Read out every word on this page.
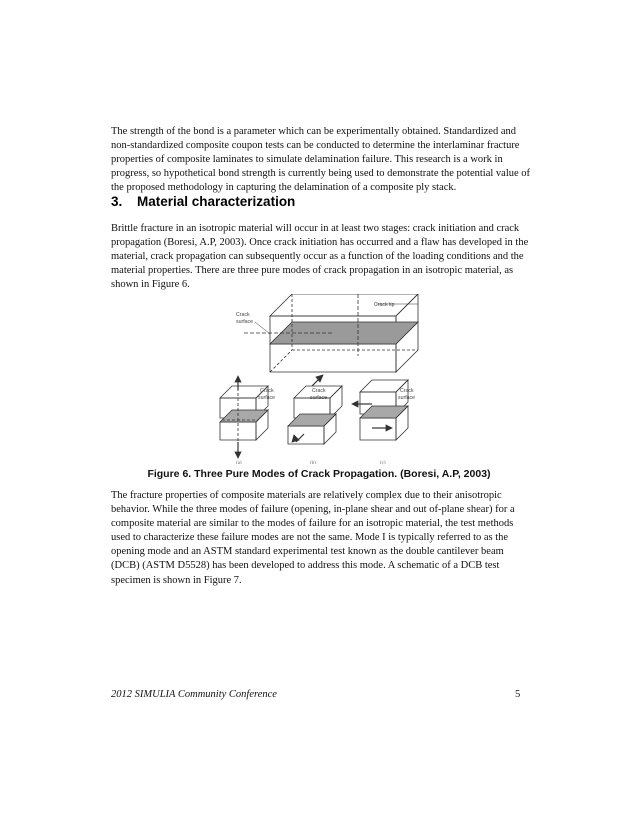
The strength of the bond is a parameter which can be experimentally obtained. Standardized and non-standardized composite coupon tests can be conducted to determine the interlaminar fracture properties of composite laminates to simulate delamination failure. This research is a work in progress, so hypothetical bond strength is currently being used to demonstrate the potential value of the proposed methodology in capturing the delamination of a composite ply stack.

3. Material characterization

Brittle fracture in an isotropic material will occur in at least two stages: crack initiation and crack propagation (Boresi, A.P, 2003). Once crack initiation has occurred and a flaw has developed in the material, crack propagation can subsequently occur as a function of the loading conditions and the material properties. There are three pure modes of crack propagation in an isotropic material, as shown in Figure 6.

Crack tip
Crack
surface
Crack
surface
Crack
surface
Crack
surface
(a)	(b)	(c)

Figure 6. Three Pure Modes of Crack Propagation. (Boresi, A.P, 2003)

The fracture properties of composite materials are relatively complex due to their anisotropic behavior. While the three modes of failure (opening, in-plane shear and out of-plane shear) for a composite material are similar to the modes of failure for an isotropic material, the test methods used to characterize these failure modes are not the same. Mode I is typically referred to as the opening mode and an ASTM standard experimental test known as the double cantilever beam (DCB) (ASTM D5528) has been developed to address this mode. A schematic of a DCB test specimen is shown in Figure 7.

2012 SIMULIA Community Conference	5
